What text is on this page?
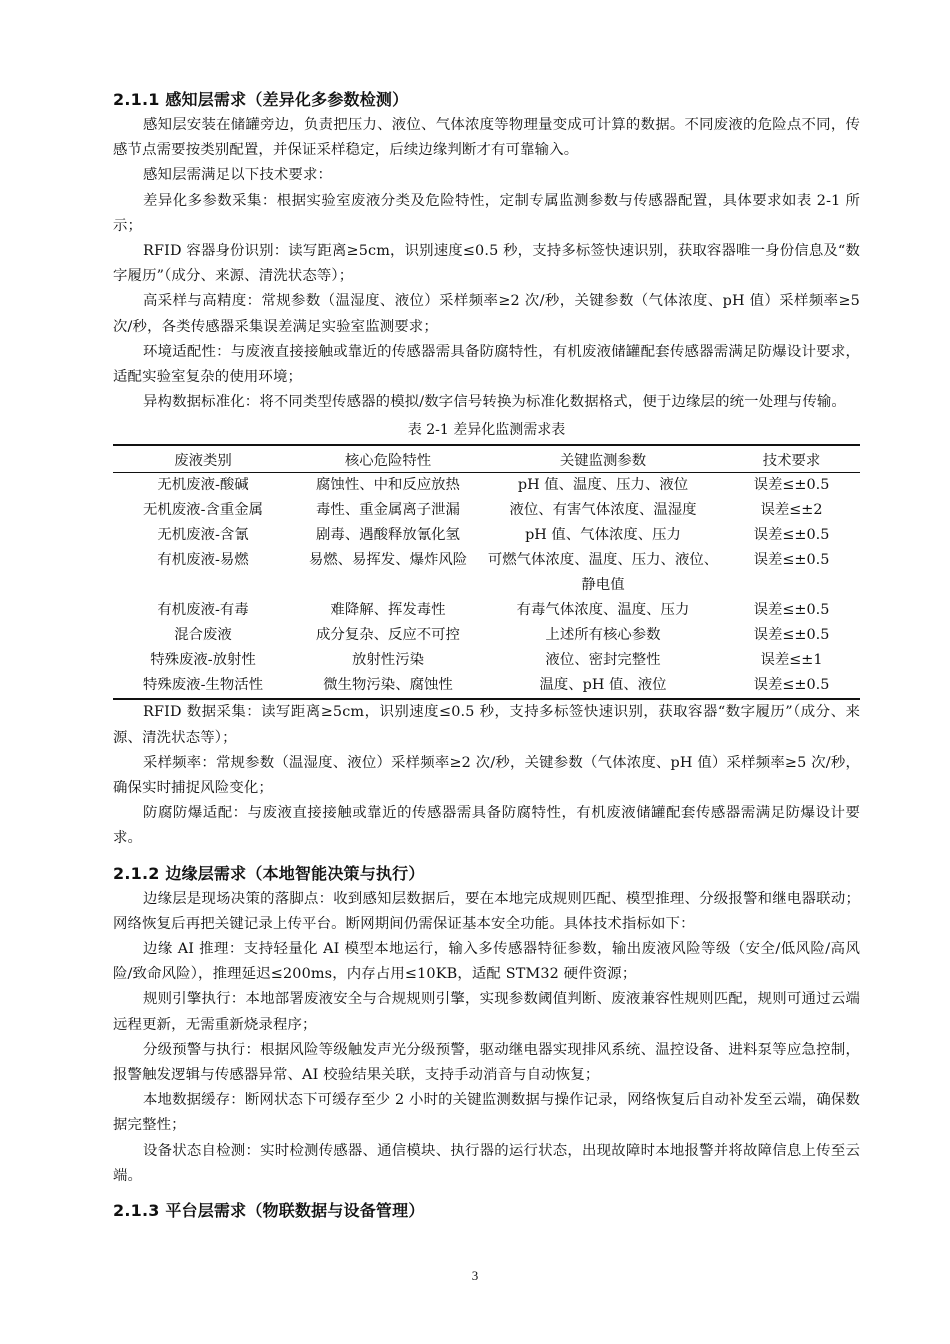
2.1.1 感知层需求（差异化多参数检测）

感知层安装在储罐旁边，负责把压力、液位、气体浓度等物理量变成可计算的数据。不同废液的危险点不同，传感节点需要按类别配置，并保证采样稳定，后续边缘判断才有可靠输入。

感知层需满足以下技术要求：

差异化多参数采集：根据实验室废液分类及危险特性，定制专属监测参数与传感器配置，具体要求如表 2-1 所示；

RFID 容器身份识别：读写距离≥5cm，识别速度≤0.5 秒，支持多标签快速识别，获取容器唯一身份信息及“数字履历”（成分、来源、清洗状态等）；

高采样与高精度：常规参数（温湿度、液位）采样频率≥2 次/秒，关键参数（气体浓度、pH 值）采样频率≥5 次/秒，各类传感器采集误差满足实验室监测要求；

环境适配性：与废液直接接触或靠近的传感器需具备防腐特性，有机废液储罐配套传感器需满足防爆设计要求，适配实验室复杂的使用环境；

异构数据标准化：将不同类型传感器的模拟/数字信号转换为标准化数据格式，便于边缘层的统一处理与传输。

表 2-1 差异化监测需求表
废液类别	核心危险特性	关键监测参数	技术要求
无机废液-酸碱	腐蚀性、中和反应放热	pH 值、温度、压力、液位	误差≤±0.5
无机废液-含重金属	毒性、重金属离子泄漏	液位、有害气体浓度、温湿度	误差≤±2
无机废液-含氰	剧毒、遇酸释放氰化氢	pH 值、气体浓度、压力	误差≤±0.5
有机废液-易燃	易燃、易挥发、爆炸风险	可燃气体浓度、温度、压力、液位、静电值	误差≤±0.5
有机废液-有毒	难降解、挥发毒性	有毒气体浓度、温度、压力	误差≤±0.5
混合废液	成分复杂、反应不可控	上述所有核心参数	误差≤±0.5
特殊废液-放射性	放射性污染	液位、密封完整性	误差≤±1
特殊废液-生物活性	微生物污染、腐蚀性	温度、pH 值、液位	误差≤±0.5

RFID 数据采集：读写距离≥5cm，识别速度≤0.5 秒，支持多标签快速识别，获取容器“数字履历”（成分、来源、清洗状态等）；

采样频率：常规参数（温湿度、液位）采样频率≥2 次/秒，关键参数（气体浓度、pH 值）采样频率≥5 次/秒，确保实时捕捉风险变化；

防腐防爆适配：与废液直接接触或靠近的传感器需具备防腐特性，有机废液储罐配套传感器需满足防爆设计要求。

2.1.2 边缘层需求（本地智能决策与执行）

边缘层是现场决策的落脚点：收到感知层数据后，要在本地完成规则匹配、模型推理、分级报警和继电器联动；网络恢复后再把关键记录上传平台。断网期间仍需保证基本安全功能。具体技术指标如下：

边缘 AI 推理：支持轻量化 AI 模型本地运行，输入多传感器特征参数，输出废液风险等级（安全/低风险/高风险/致命风险），推理延迟≤200ms，内存占用≤10KB，适配 STM32 硬件资源；

规则引擎执行：本地部署废液安全与合规规则引擎，实现参数阈值判断、废液兼容性规则匹配，规则可通过云端远程更新，无需重新烧录程序；

分级预警与执行：根据风险等级触发声光分级预警，驱动继电器实现排风系统、温控设备、进料泵等应急控制，报警触发逻辑与传感器异常、AI 校验结果关联，支持手动消音与自动恢复；

本地数据缓存：断网状态下可缓存至少 2 小时的关键监测数据与操作记录，网络恢复后自动补发至云端，确保数据完整性；

设备状态自检测：实时检测传感器、通信模块、执行器的运行状态，出现故障时本地报警并将故障信息上传至云端。

2.1.3 平台层需求（物联数据与设备管理）
3
